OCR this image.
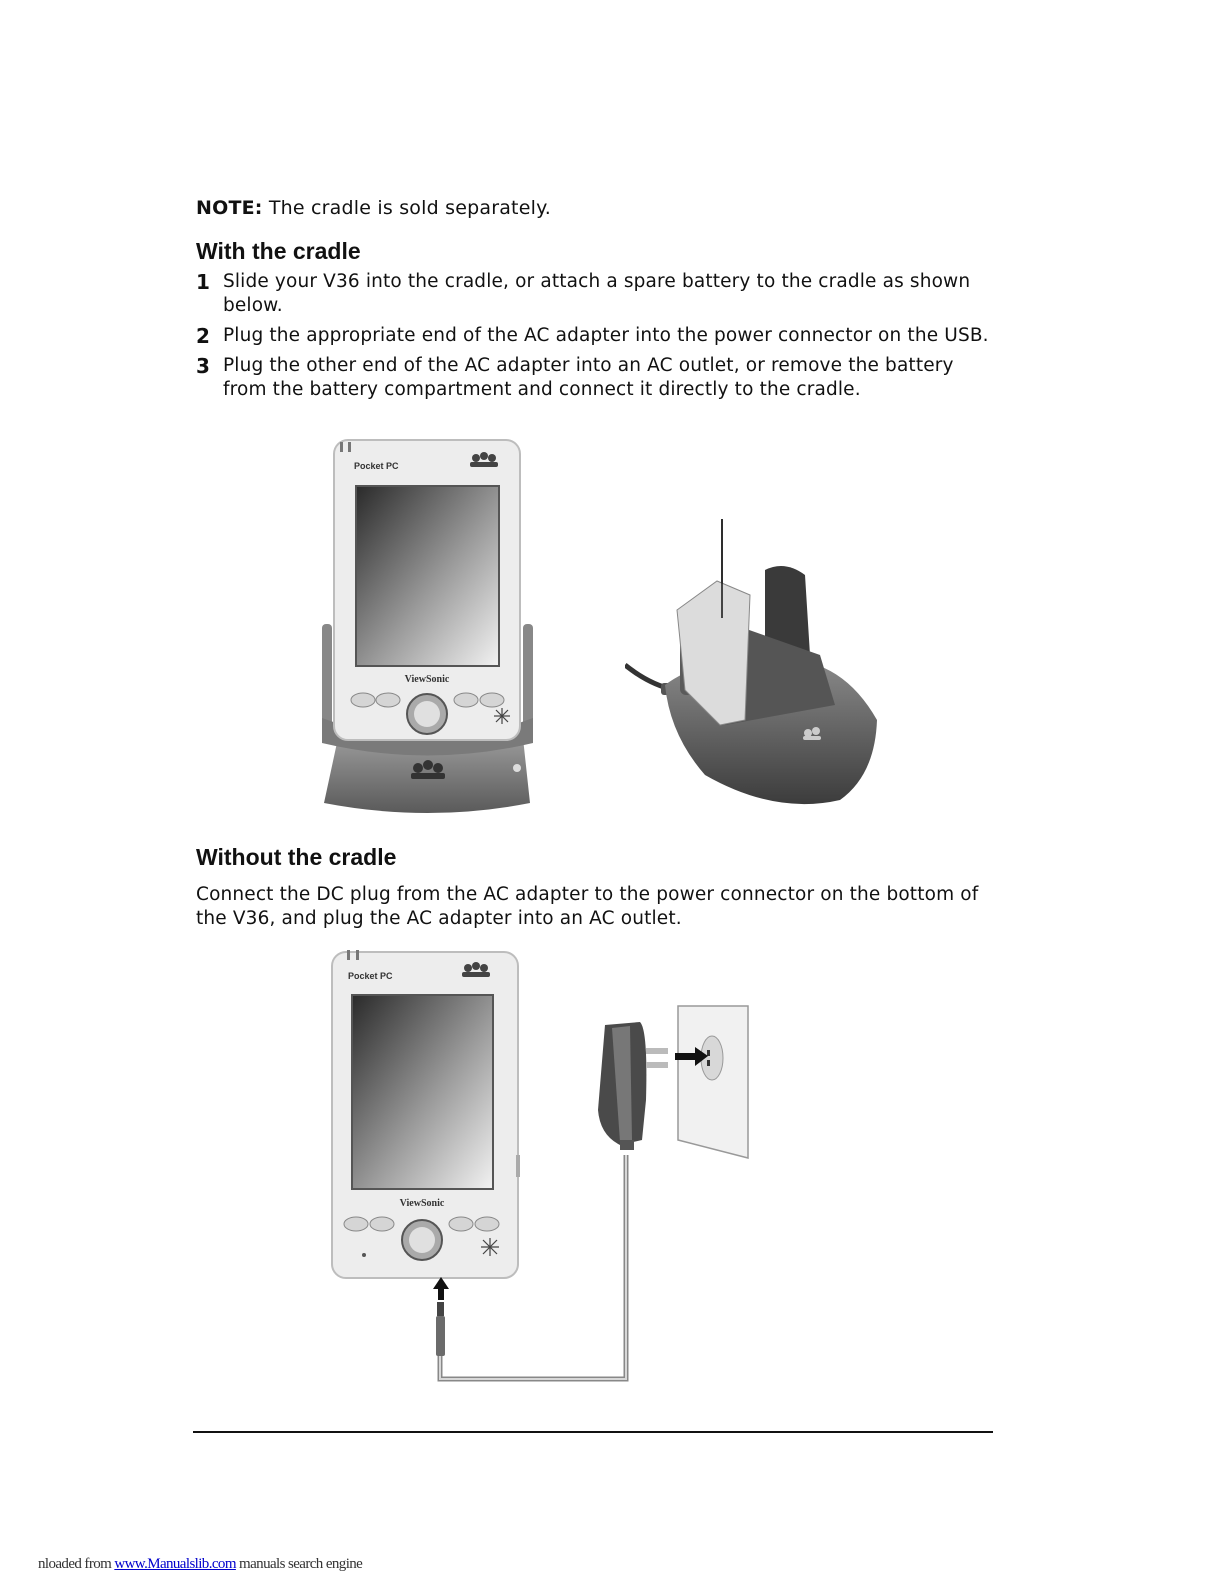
NOTE: The cradle is sold separately.
With the cradle
1 Slide your V36 into the cradle, or attach a spare battery to the cradle as shown below.
2 Plug the appropriate end of the AC adapter into the power connector on the USB.
3 Plug the other end of the AC adapter into an AC outlet, or remove the battery from the battery compartment and connect it directly to the cradle.
Pocket PC
ViewSonic
Without the cradle
Connect the DC plug from the AC adapter to the power connector on the bottom of the V36, and plug the AC adapter into an AC outlet.
Pocket PC
ViewSonic
nloaded from www.Manualslib.com manuals search engine
